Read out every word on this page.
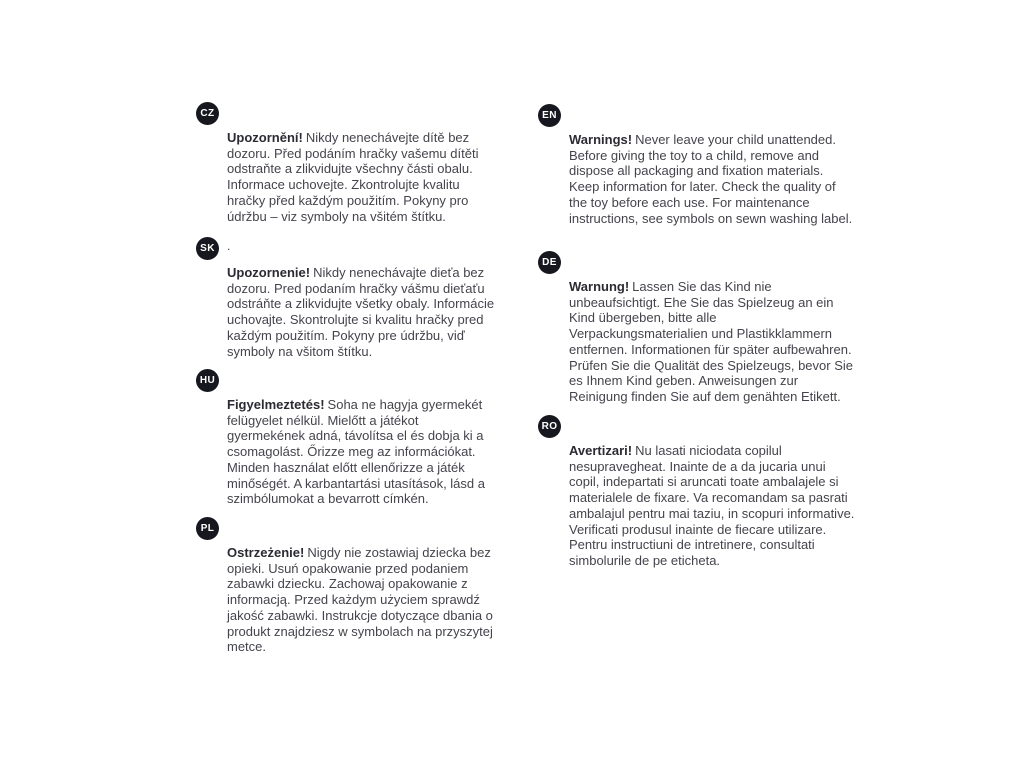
CZ

Upozornění! Nikdy nenechávejte dítě bez dozoru. Před podáním hračky vašemu dítěti odstraňte a zlikvidujte všechny části obalu. Informace uchovejte. Zkontrolujte kvalitu hračky před každým použitím. Pokyny pro údržbu – viz symboly na všitém štítku.

SK	.

Upozornenie! Nikdy nenechávajte dieťa bez dozoru. Pred podaním hračky vášmu dieťaťu odstráňte a zlikvidujte všetky obaly. Informácie uchovajte. Skontrolujte si kvalitu hračky pred každým použitím. Pokyny pre údržbu, viď symboly na všitom štítku.

HU

Figyelmeztetés! Soha ne hagyja gyermekét felügyelet nélkül. Mielőtt a játékot gyermekének adná, távolítsa el és dobja ki a csomagolást. Őrizze meg az információkat. Minden használat előtt ellenőrizze a játék minőségét. A karbantartási utasítások, lásd a szimbólumokat a bevarrott címkén.

PL

Ostrzeżenie! Nigdy nie zostawiaj dziecka bez opieki. Usuń opakowanie przed podaniem zabawki dziecku. Zachowaj opakowanie z informacją. Przed każdym użyciem sprawdź jakość zabawki. Instrukcje dotyczące dbania o produkt znajdziesz w symbolach na przyszytej metce.

EN

Warnings! Never leave your child unattended. Before giving the toy to a child, remove and dispose all packaging and fixation materials. Keep information for later. Check the quality of the toy before each use. For maintenance instructions, see symbols on sewn washing label.

DE

Warnung! Lassen Sie das Kind nie unbeaufsichtigt. Ehe Sie das Spielzeug an ein Kind übergeben, bitte alle Verpackungsmaterialien und Plastikklammern entfernen. Informationen für später aufbewahren. Prüfen Sie die Qualität des Spielzeugs, bevor Sie es Ihnem Kind geben. Anweisungen zur Reinigung finden Sie auf dem genähten Etikett.

RO

Avertizari! Nu lasati niciodata copilul nesupravegheat. Inainte de a da jucaria unui copil, indepartati si aruncati toate ambalajele si materialele de fixare. Va recomandam sa pasrati ambalajul pentru mai taziu, in scopuri informative. Verificati produsul inainte de fiecare utilizare. Pentru instructiuni de intretinere, consultati simbolurile de pe eticheta.
